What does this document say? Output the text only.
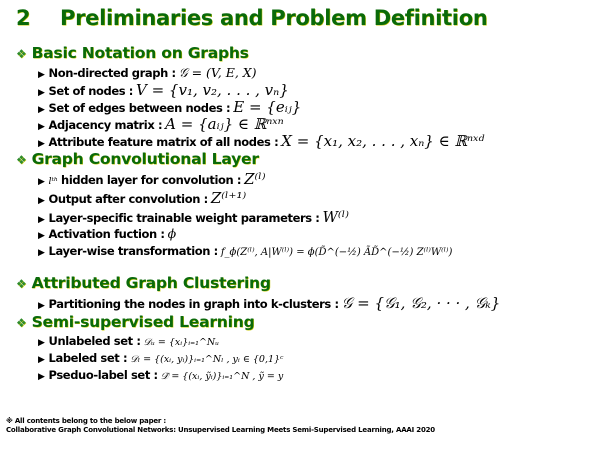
2 Preliminaries and Problem Definition
❖ Basic Notation on Graphs
▶ Non-directed graph : 𝒢 = (V, E, X)
▶ Set of nodes : V = {v₁, v₂, . . . , vₙ}
▶ Set of edges between nodes : E = {eᵢⱼ}
▶ Adjacency matrix : A = {aᵢⱼ} ∈ ℝⁿˣⁿ
▶ Attribute feature matrix of all nodes : X = {x₁, x₂, . . . , xₙ} ∈ ℝⁿˣᵈ
❖ Graph Convolutional Layer
▶ lᵗʰ hidden layer for convolution : Z⁽ˡ⁾
▶ Output after convolution : Z⁽ˡ⁺¹⁾
▶ Layer-specific trainable weight parameters : W⁽ˡ⁾
▶ Activation fuction : ϕ
▶ Layer-wise transformation : f_ϕ(Z⁽ˡ⁾, A|W⁽ˡ⁾) = ϕ(D̃^(−½) ÃD̃^(−½) Z⁽ˡ⁾W⁽ˡ⁾)
❖ Attributed Graph Clustering
▶ Partitioning the nodes in graph into k-clusters : 𝒢 = {𝒢₁, 𝒢₂, · · · , 𝒢ₖ}
❖ Semi-supervised Learning
▶ Unlabeled set : 𝒟ᵤ = {xᵢ}ᵢ₌₁^Nᵤ
▶ Labeled set : 𝒟ₗ = {(xᵢ, yᵢ)}ᵢ₌₁^Nₗ , yᵢ ∈ {0,1}ᶜ
▶ Pseduo-label set : 𝒟̃ = {(xᵢ, ỹᵢ)}ᵢ₌₁^N , ỹ = y
※ All contents belong to the below paper :
Collaborative Graph Convolutional Networks: Unsupervised Learning Meets Semi-Supervised Learning, AAAI 2020
